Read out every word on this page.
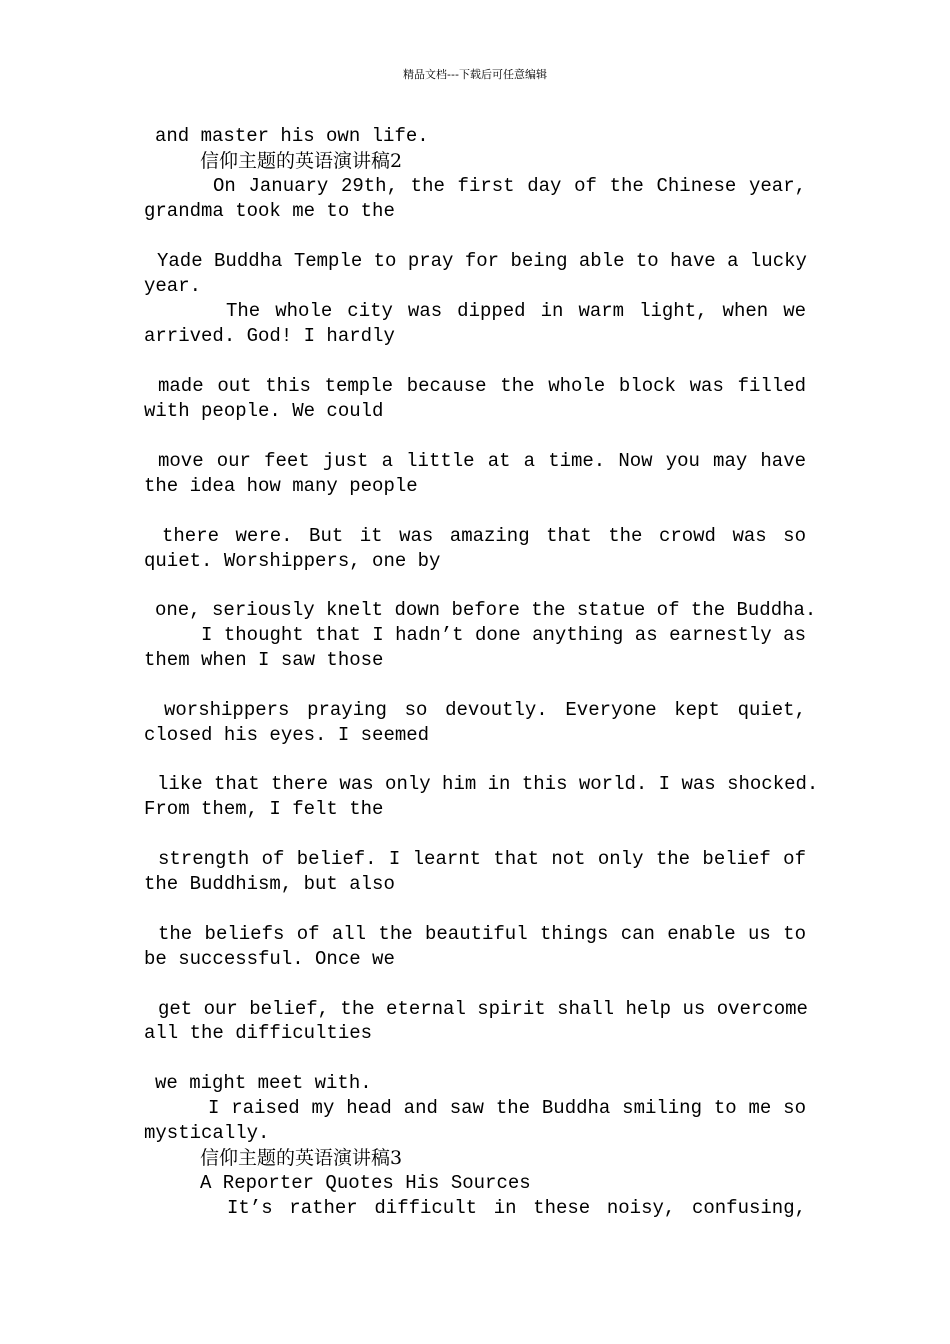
精品文档---下载后可任意编辑
and master his own life.
信仰主题的英语演讲稿2
On January 29th, the first day of the Chinese year,
grandma took me to the
Yade Buddha Temple to pray for being able to have a lucky
year.
The whole city was dipped in warm light, when we
arrived. God! I hardly
made out this temple because the whole block was filled
with people. We could
move our feet just a little at a time. Now you may have
the idea how many people
there were. But it was amazing that the crowd was so
quiet. Worshippers, one by
one, seriously knelt down before the statue of the Buddha.
I thought that I hadn’t done anything as earnestly as
them when I saw those
worshippers praying so devoutly. Everyone kept quiet,
closed his eyes. I seemed
like that there was only him in this world. I was shocked.
From them, I felt the
strength of belief. I learnt that not only the belief of
the Buddhism, but also
the beliefs of all the beautiful things can enable us to
be successful. Once we
get our belief, the eternal spirit shall help us overcome
all the difficulties
we might meet with.
I raised my head and saw the Buddha smiling to me so
mystically.
信仰主题的英语演讲稿3
A Reporter Quotes His Sources
It’s rather difficult in these noisy, confusing,
